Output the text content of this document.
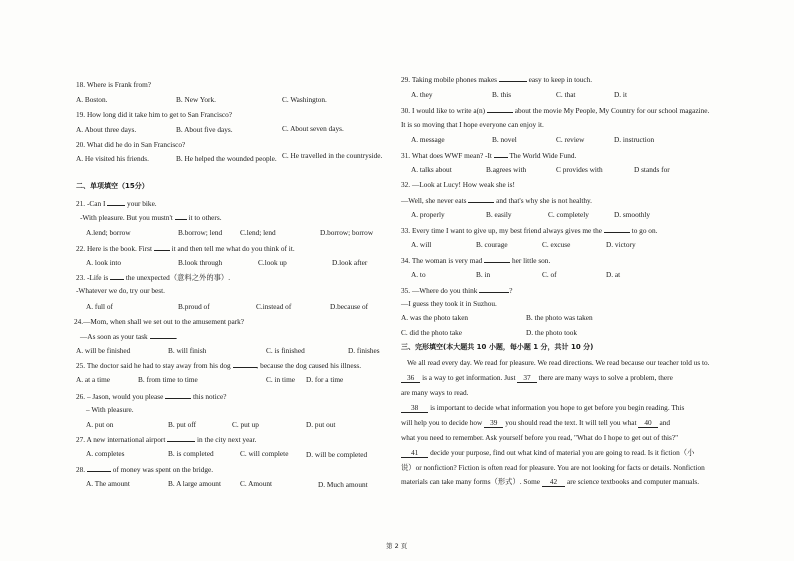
18. Where is Frank from?
A. Boston.	B. New York.	C. Washington.
19. How long did it take him to get to San Francisco?
A. About three days.	B. About five days.	C. About seven days.
20. What did he do in San Francisco?
A. He visited his friends.	B. He helped the wounded people. C. He travelled in the countryside.
二、单项填空（15分）
21. -Can I  your bike.
-With pleasure. But you mustn't  it to others.
A.lend; borrow	B.borrow; lend C.lend; lend	D.borrow; borrow
22. Here is the book. First  it and then tell me what do you think of it.
A. look into	B.look through	C.look up	D.look after
23. -Life is  the unexpected（意料之外的事）.
-Whatever we do, try our best.
A. full of	B.proud of	C.instead of	D.because of
24.—Mom, when shall we set out to the amusement park?
—As soon as your task	.
A. will be finished	B. will finish	C. is finished	D. finishes
25. The doctor said he had to stay away from his dog	, because the dog caused his illness.
A. at a time	B. from time to time	C. in time D. for a time
26. – Jason, would you please	this notice?
– With pleasure.
A. put on	B. put off	C. put up	D. put out
27. A new international airport	in the city next year.
A. completes	B. is completed	C. will complete D. will be completed
28.	of money was spent on the bridge.
A. The amount	B. A large amount	C. Amount	D. Much amount
29. Taking mobile phones makes	easy to keep in touch.
A. they	B. this	C. that	D. it
30. I would like to write a(n)	about the movie My People, My Country for our school magazine.
It is so moving that I hope everyone can enjoy it.
A. message	B. novel	C. review	D. instruction
31. What does WWF mean? -It  The World Wide Fund.
A. talks about	B.agrees with	C provides with	D stands for
32. —Look at Lucy! How weak she is!
—Well, she never eats	and that's why she is not healthy.
A. properly	B. easily	C. completely	D. smoothly
33. Every time I want to give up, my best friend always gives me the	to go on.
A. will	B. courage	C. excuse	D. victory
34. The woman is very mad	her little son.
A. to	B. in	C. of	D. at
35. —Where do you think	?
—I guess they took it in Suzhou.
A. was the photo taken	B. the photo was taken
C. did the photo take	D. the photo took
三、完形填空(本大题共 10 小题，每小题 1 分，共计 10 分)
We all read every day. We read for pleasure. We read directions. We read because our teacher told us to.
36 is a way to get information. Just 37 there are many ways to solve a problem, there
are many ways to read.
38 is important to decide what information you hope to get before you begin reading. This
will help you to decide how 39 you should read the text. It will tell you what 40 and
what you need to remember. Ask yourself before you read, "What do I hope to get out of this?"
41 decide your purpose, find out what kind of material you are going to read. Is it fiction（小
说）or nonfiction? Fiction is often read for pleasure. You are not looking for facts or details. Nonfiction
materials can take many forms（形式）. Some 42 are science textbooks and computer manuals.
第 2 页
